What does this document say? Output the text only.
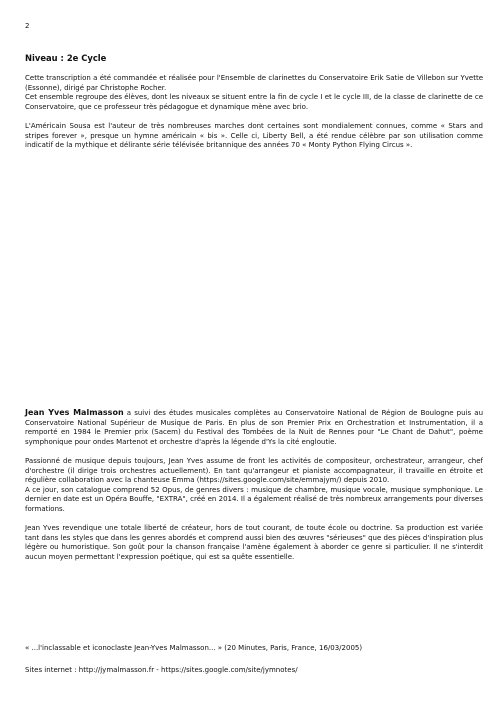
2
Niveau : 2e Cycle

Cette transcription a été commandée et réalisée pour l'Ensemble de clarinettes du Conservatoire Erik Satie de Villebon sur Yvette (Essonne), dirigé par Christophe Rocher.

Cet ensemble regroupe des élèves, dont les niveaux se situent entre la fin de cycle I et le cycle III, de la classe de clarinette de ce Conservatoire, que ce professeur très pédagogue et dynamique mène avec brio.

L'Américain Sousa est l'auteur de très nombreuses marches dont certaines sont mondialement connues, comme « Stars and stripes forever », presque un hymne américain « bis ». Celle ci, Liberty Bell, a été rendue célèbre par son utilisation comme indicatif de la mythique et délirante série télévisée britannique des années 70 « Monty Python Flying Circus ».

Jean Yves Malmasson a suivi des études musicales complètes au Conservatoire National de Région de Boulogne puis au Conservatoire National Supérieur de Musique de Paris. En plus de son Premier Prix en Orchestration et Instrumentation, il a remporté en 1984 le Premier prix (Sacem) du Festival des Tombées de la Nuit de Rennes pour "Le Chant de Dahut", poème symphonique pour ondes Martenot et orchestre d'après la légende d'Ys la cité engloutie.

Passionné de musique depuis toujours, Jean Yves assume de front les activités de compositeur, orchestrateur, arrangeur, chef d'orchestre (il dirige trois orchestres actuellement). En tant qu'arrangeur et pianiste accompagnateur, il travaille en étroite et régulière collaboration avec la chanteuse Emma (https://sites.google.com/site/emmajym/) depuis 2010.

A ce jour, son catalogue comprend 52 Opus, de genres divers : musique de chambre, musique vocale, musique symphonique. Le dernier en date est un Opéra Bouffe, "EXTRA", créé en 2014. Il a également réalisé de très nombreux arrangements pour diverses formations.

Jean Yves revendique une totale liberté de créateur, hors de tout courant, de toute école ou doctrine. Sa production est variée tant dans les styles que dans les genres abordés et comprend aussi bien des œuvres "sérieuses" que des pièces d'inspiration plus légère ou humoristique. Son goût pour la chanson française l'amène également à aborder ce genre si particulier. Il ne s'interdit aucun moyen permettant l'expression poétique, qui est sa quête essentielle.

« ...l'inclassable et iconoclaste Jean-Yves Malmasson... » (20 Minutes, Paris, France, 16/03/2005)
Sites internet : http://jymalmasson.fr - https://sites.google.com/site/jymnotes/
